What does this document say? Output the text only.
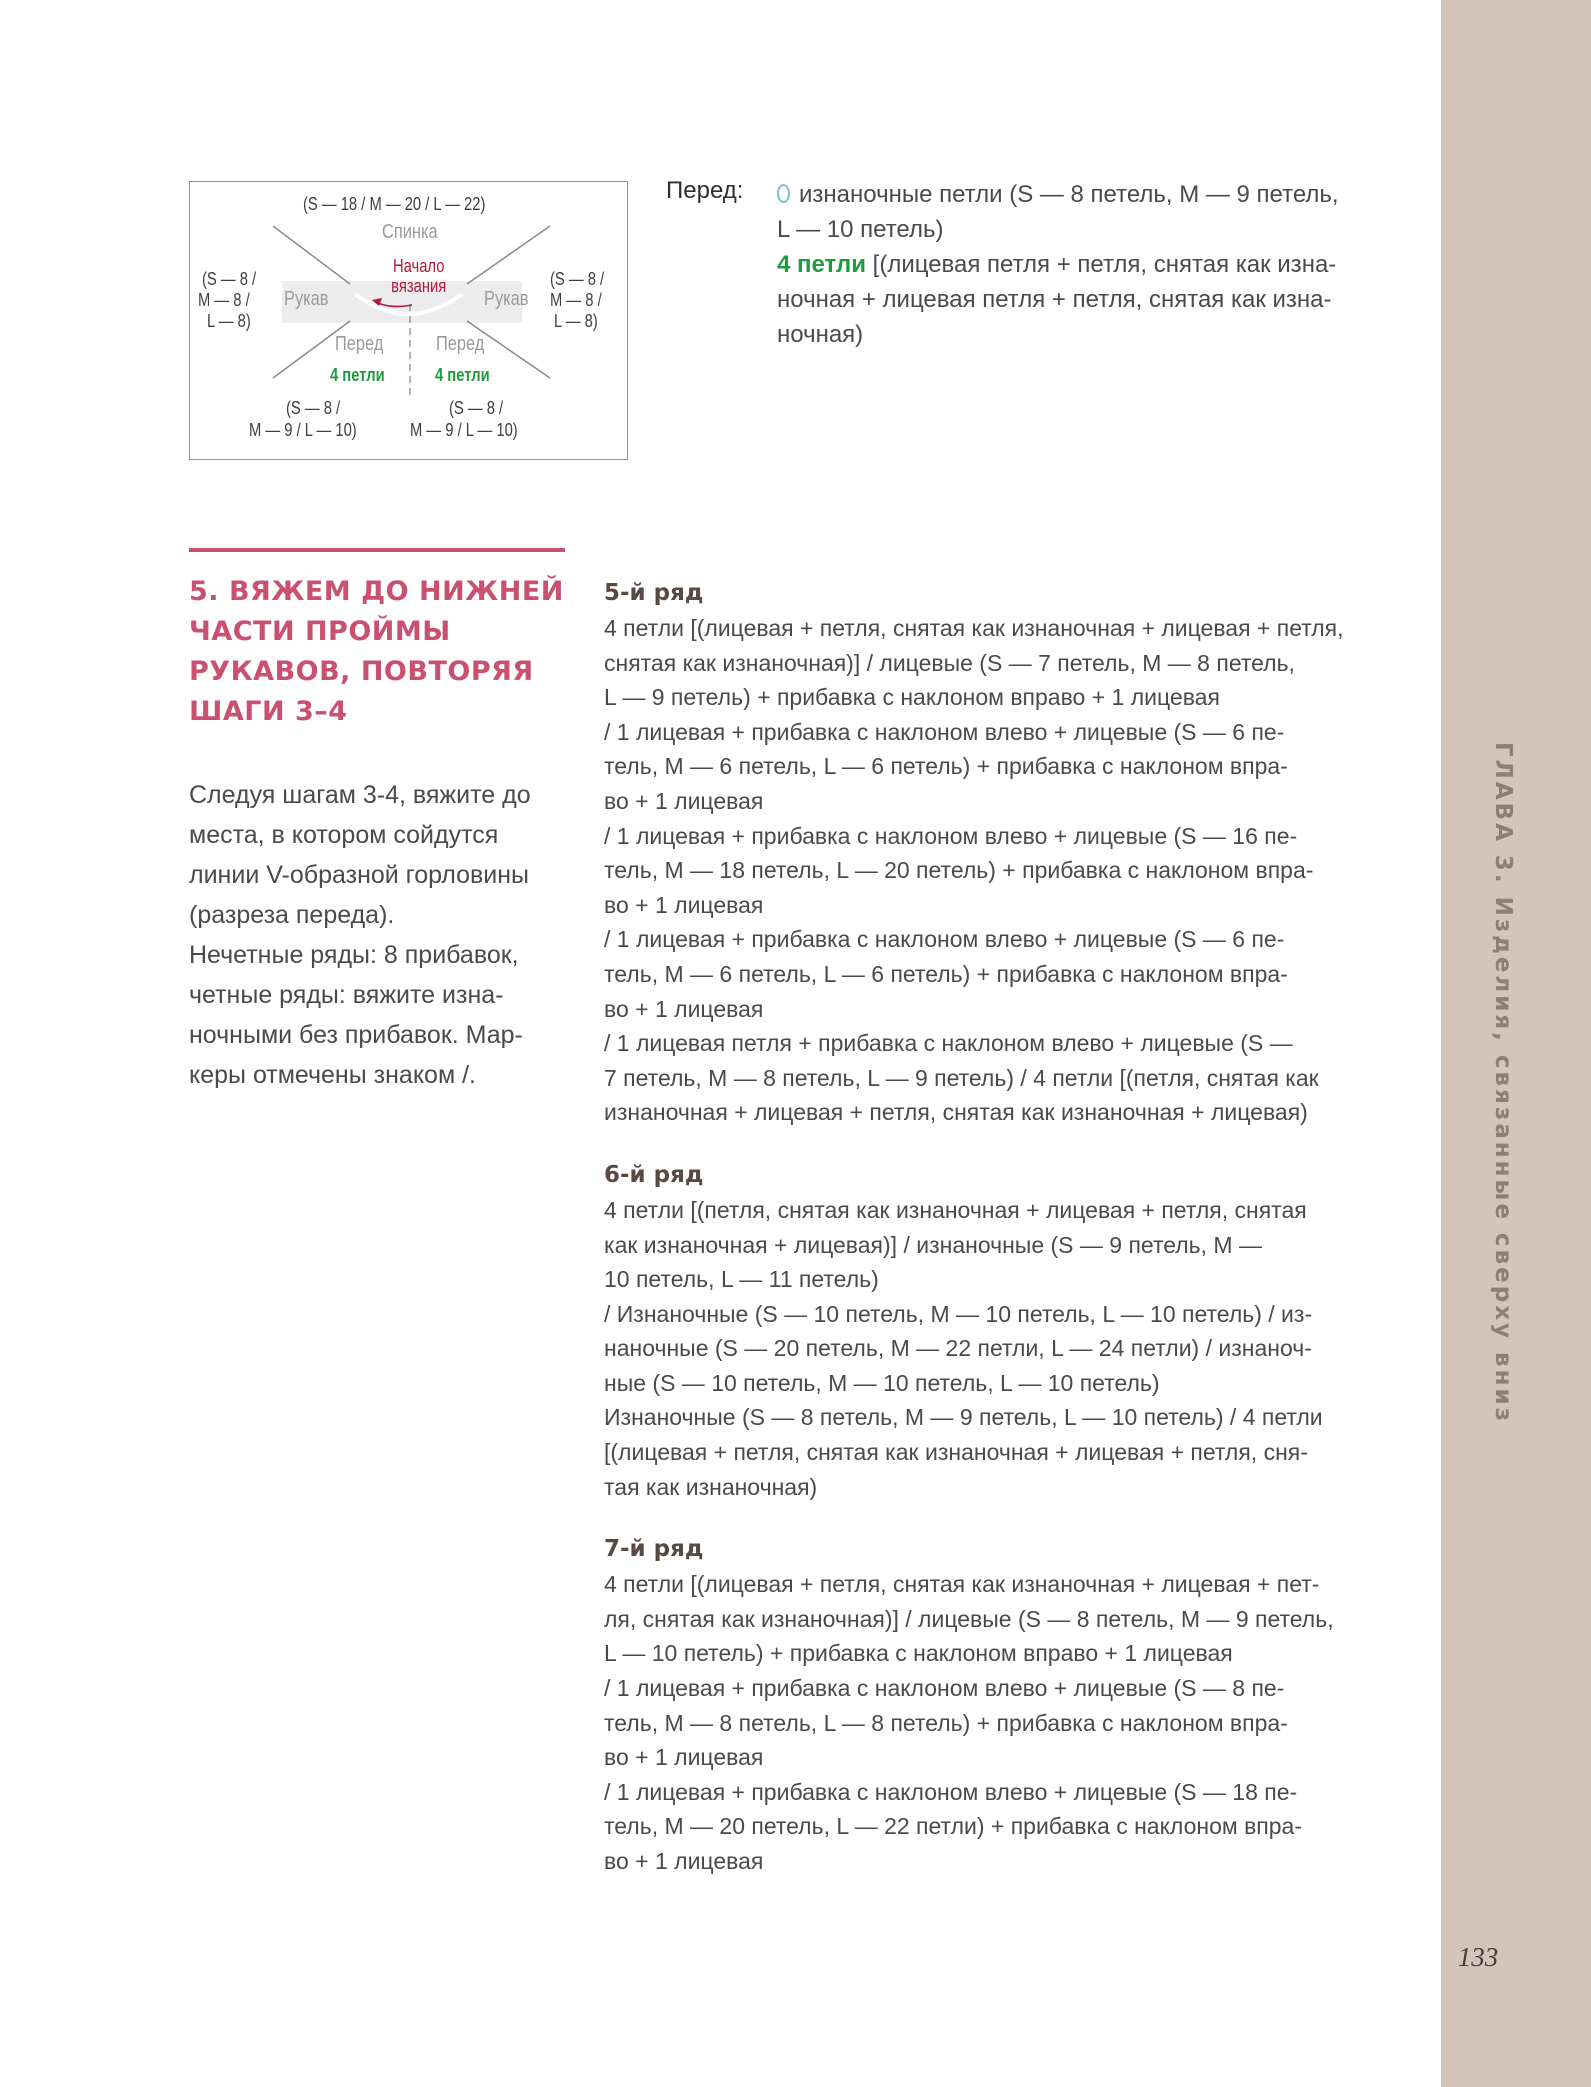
ГЛАВА 3. Изделия, связанные сверху вниз
133
(S — 18 / M — 20 / L — 22)
Спинка
Начало вязания
Рукав	Рукав
(S — 8 /
M — 8 /
L — 8)
(S — 8 /
M — 8 /
L — 8)
Перед	Перед
4 петли	4 петли
(S — 8 /
M — 9 / L — 10)
(S — 8 /
M — 9 / L — 10)
Перед:	изнаночные петли (S — 8 петель, M — 9 петель,
L — 10 петель)
4 петли [(лицевая петля + петля, снятая как изна-
ночная + лицевая петля + петля, снятая как изна-
ночная)
5. ВЯЖЕМ ДО НИЖНЕЙ
ЧАСТИ ПРОЙМЫ
РУКАВОВ, ПОВТОРЯЯ
ШАГИ 3–4

Следуя шагам 3-4, вяжите до

места, в котором сойдутся

линии V-образной горловины

(разреза переда).

Нечетные ряды: 8 прибавок,

четные ряды: вяжите изна-

ночными без прибавок. Мар-

керы отмечены знаком /.

5-й ряд
4 петли [(лицевая + петля, снятая как изнаночная + лицевая + петля,
снятая как изнаночная)] / лицевые (S — 7 петель, M — 8 петель,
L — 9 петель) + прибавка с наклоном вправо + 1 лицевая
/ 1 лицевая + прибавка с наклоном влево + лицевые (S — 6 пе-
тель, M — 6 петель, L — 6 петель) + прибавка с наклоном впра-
во + 1 лицевая
/ 1 лицевая + прибавка с наклоном влево + лицевые (S — 16 пе-
тель, M — 18 петель, L — 20 петель) + прибавка с наклоном впра-
во + 1 лицевая
/ 1 лицевая + прибавка с наклоном влево + лицевые (S — 6 пе-
тель, M — 6 петель, L — 6 петель) + прибавка с наклоном впра-
во + 1 лицевая
/ 1 лицевая петля + прибавка с наклоном влево + лицевые (S —
7 петель, M — 8 петель, L — 9 петель) / 4 петли [(петля, снятая как
изнаночная + лицевая + петля, снятая как изнаночная + лицевая)
6-й ряд
4 петли [(петля, снятая как изнаночная + лицевая + петля, снятая
как изнаночная + лицевая)] / изнаночные (S — 9 петель, M —
10 петель, L — 11 петель)
/ Изнаночные (S — 10 петель, M — 10 петель, L — 10 петель) / из-
наночные (S — 20 петель, M — 22 петли, L — 24 петли) / изнаноч-
ные (S — 10 петель, M — 10 петель, L — 10 петель)
Изнаночные (S — 8 петель, M — 9 петель, L — 10 петель) / 4 петли
[(лицевая + петля, снятая как изнаночная + лицевая + петля, сня-
тая как изнаночная)
7-й ряд
4 петли [(лицевая + петля, снятая как изнаночная + лицевая + пет-
ля, снятая как изнаночная)] / лицевые (S — 8 петель, M — 9 петель,
L — 10 петель) + прибавка с наклоном вправо + 1 лицевая
/ 1 лицевая + прибавка с наклоном влево + лицевые (S — 8 пе-
тель, M — 8 петель, L — 8 петель) + прибавка с наклоном впра-
во + 1 лицевая
/ 1 лицевая + прибавка с наклоном влево + лицевые (S — 18 пе-
тель, M — 20 петель, L — 22 петли) + прибавка с наклоном впра-
во + 1 лицевая
